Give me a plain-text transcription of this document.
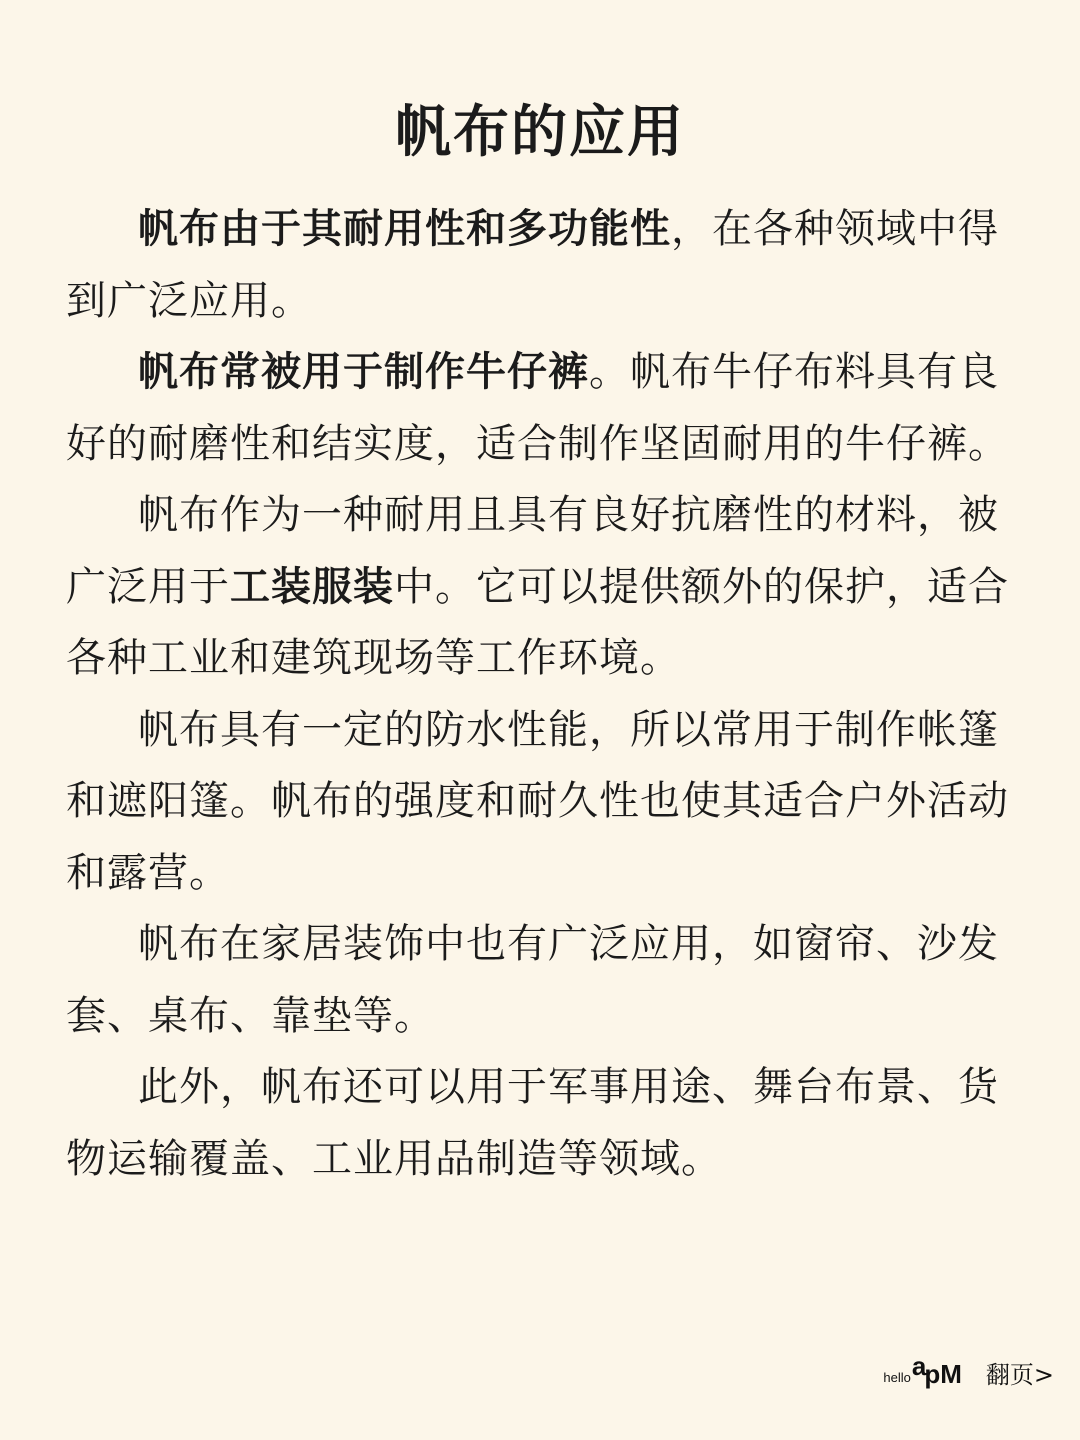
帆布的应用

帆布由于其耐用性和多功能性，在各种领域中得到广泛应用。

帆布常被用于制作牛仔裤。帆布牛仔布料具有良好的耐磨性和结实度，适合制作坚固耐用的牛仔裤。

帆布作为一种耐用且具有良好抗磨性的材料，被广泛用于工装服装中。它可以提供额外的保护，适合各种工业和建筑现场等工作环境。

帆布具有一定的防水性能，所以常用于制作帐篷和遮阳篷。帆布的强度和耐久性也使其适合户外活动和露营。

帆布在家居装饰中也有广泛应用，如窗帘、沙发套、桌布、靠垫等。

此外，帆布还可以用于军事用途、舞台布景、货物运输覆盖、工业用品制造等领域。

hello a
pM 翻页>
